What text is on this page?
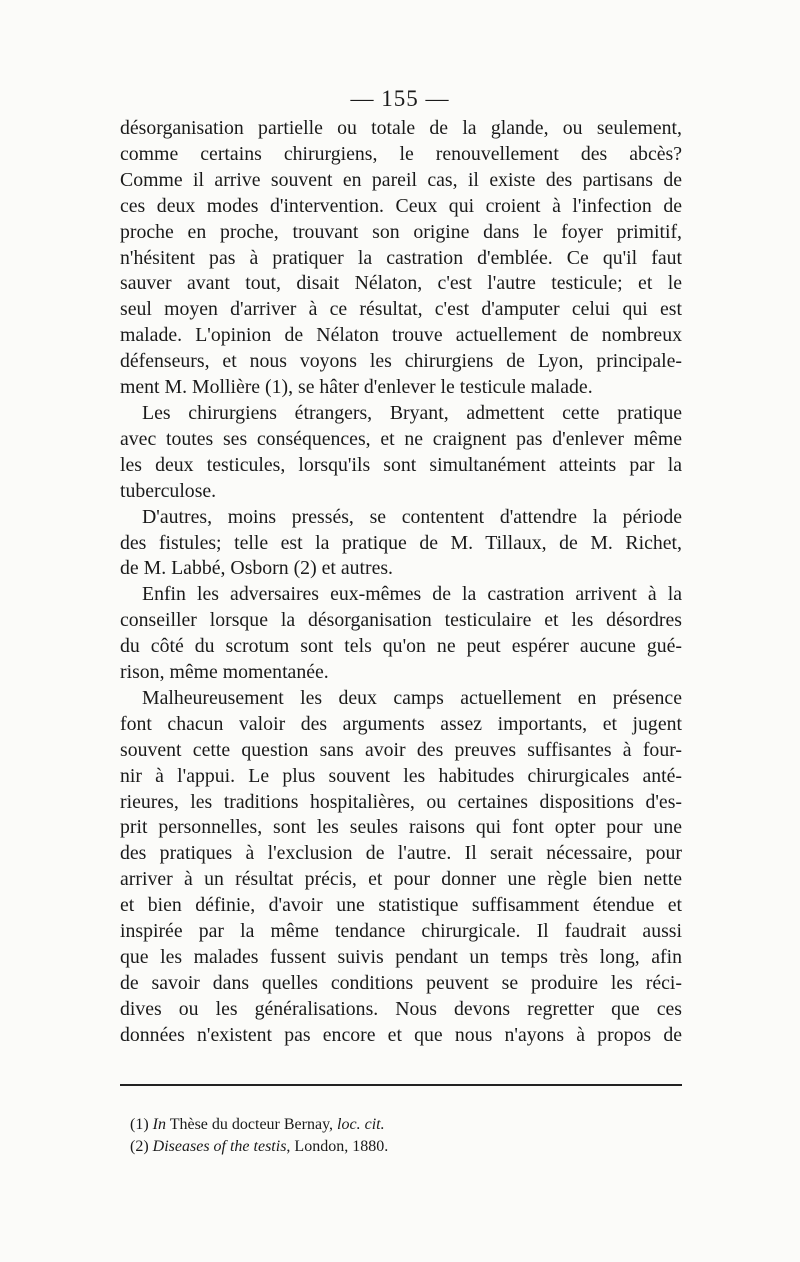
— 155 —
désorganisation partielle ou totale de la glande, ou seulement,
comme certains chirurgiens, le renouvellement des abcès?
Comme il arrive souvent en pareil cas, il existe des partisans de
ces deux modes d'intervention. Ceux qui croient à l'infection de
proche en proche, trouvant son origine dans le foyer primitif,
n'hésitent pas à pratiquer la castration d'emblée. Ce qu'il faut
sauver avant tout, disait Nélaton, c'est l'autre testicule; et le
seul moyen d'arriver à ce résultat, c'est d'amputer celui qui est
malade. L'opinion de Nélaton trouve actuellement de nombreux
défenseurs, et nous voyons les chirurgiens de Lyon, principale-
ment M. Mollière (1), se hâter d'enlever le testicule malade.
Les chirurgiens étrangers, Bryant, admettent cette pratique
avec toutes ses conséquences, et ne craignent pas d'enlever même
les deux testicules, lorsqu'ils sont simultanément atteints par la
tuberculose.
D'autres, moins pressés, se contentent d'attendre la période
des fistules; telle est la pratique de M. Tillaux, de M. Richet,
de M. Labbé, Osborn (2) et autres.
Enfin les adversaires eux-mêmes de la castration arrivent à la
conseiller lorsque la désorganisation testiculaire et les désordres
du côté du scrotum sont tels qu'on ne peut espérer aucune gué-
rison, même momentanée.
Malheureusement les deux camps actuellement en présence
font chacun valoir des arguments assez importants, et jugent
souvent cette question sans avoir des preuves suffisantes à four-
nir à l'appui. Le plus souvent les habitudes chirurgicales anté-
rieures, les traditions hospitalières, ou certaines dispositions d'es-
prit personnelles, sont les seules raisons qui font opter pour une
des pratiques à l'exclusion de l'autre. Il serait nécessaire, pour
arriver à un résultat précis, et pour donner une règle bien nette
et bien définie, d'avoir une statistique suffisamment étendue et
inspirée par la même tendance chirurgicale. Il faudrait aussi
que les malades fussent suivis pendant un temps très long, afin
de savoir dans quelles conditions peuvent se produire les réci-
dives ou les généralisations. Nous devons regretter que ces
données n'existent pas encore et que nous n'ayons à propos de
(1) In Thèse du docteur Bernay, loc. cit.
(2) Diseases of the testis, London, 1880.
